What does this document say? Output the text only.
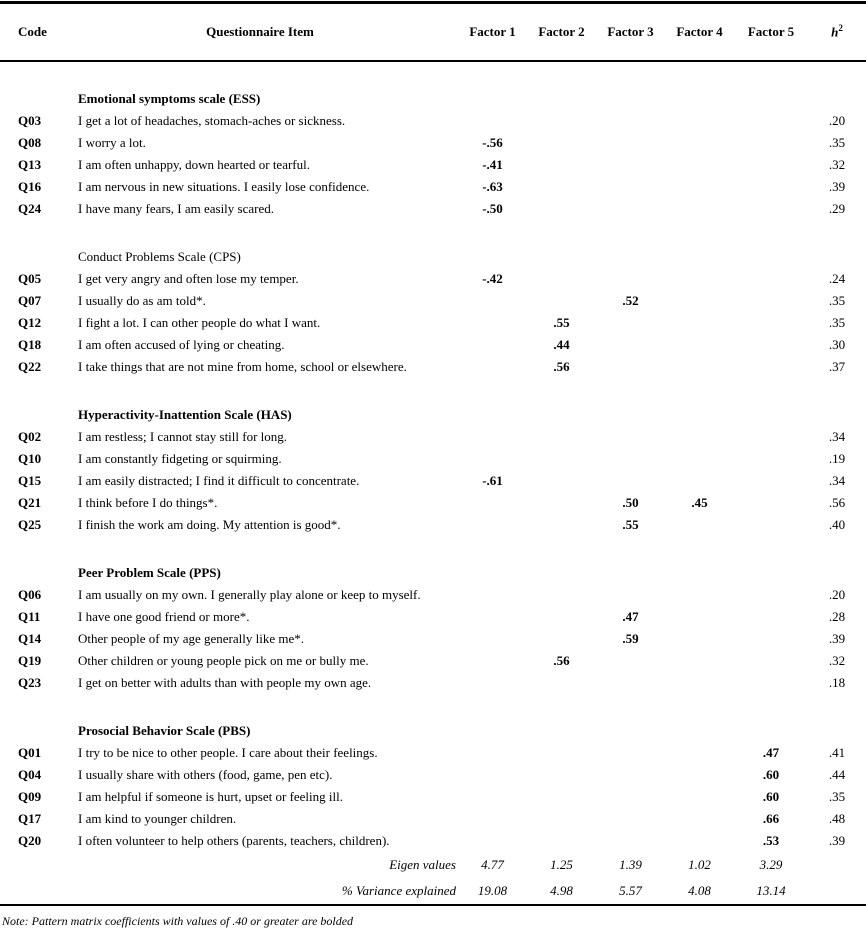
Code	Questionnaire Item	Factor 1	Factor 2	Factor 3	Factor 4	Factor 5	$h^2$

	Emotional symptoms scale (ESS)						
Q03	I get a lot of headaches, stomach-aches or sickness.						.20
Q08	I worry a lot.	-.56					.35
Q13	I am often unhappy, down hearted or tearful.	-.41					.32
Q16	I am nervous in new situations. I easily lose confidence.	-.63					.39
Q24	I have many fears, I am easily scared.	-.50					.29

	Conduct Problems Scale (CPS)						
Q05	I get very angry and often lose my temper.	-.42					.24
Q07	I usually do as am told*.			.52			.35
Q12	I fight a lot. I can other people do what I want.		.55				.35
Q18	I am often accused of lying or cheating.		.44				.30
Q22	I take things that are not mine from home, school or elsewhere.		.56				.37

	Hyperactivity-Inattention Scale (HAS)						
Q02	I am restless; I cannot stay still for long.						.34
Q10	I am constantly fidgeting or squirming.						.19
Q15	I am easily distracted; I find it difficult to concentrate.	-.61					.34
Q21	I think before I do things*.			.50	.45		.56
Q25	I finish the work am doing. My attention is good*.			.55			.40

	Peer Problem Scale (PPS)						
Q06	I am usually on my own. I generally play alone or keep to myself.						.20
Q11	I have one good friend or more*.			.47			.28
Q14	Other people of my age generally like me*.			.59			.39
Q19	Other children or young people pick on me or bully me.		.56				.32
Q23	I get on better with adults than with people my own age.						.18

	Prosocial Behavior Scale (PBS)						
Q01	I try to be nice to other people. I care about their feelings.					.47	.41
Q04	I usually share with others (food, game, pen etc).					.60	.44
Q09	I am helpful if someone is hurt, upset or feeling ill.					.60	.35
Q17	I am kind to younger children.					.66	.48
Q20	I often volunteer to help others (parents, teachers, children).					.53	.39
Eigen values		4.77	1.25	1.39	1.02	3.29	
% Variance explained		19.08	4.98	5.57	4.08	13.14	
Note: Pattern matrix coefficients with values of .40 or greater are bolded
